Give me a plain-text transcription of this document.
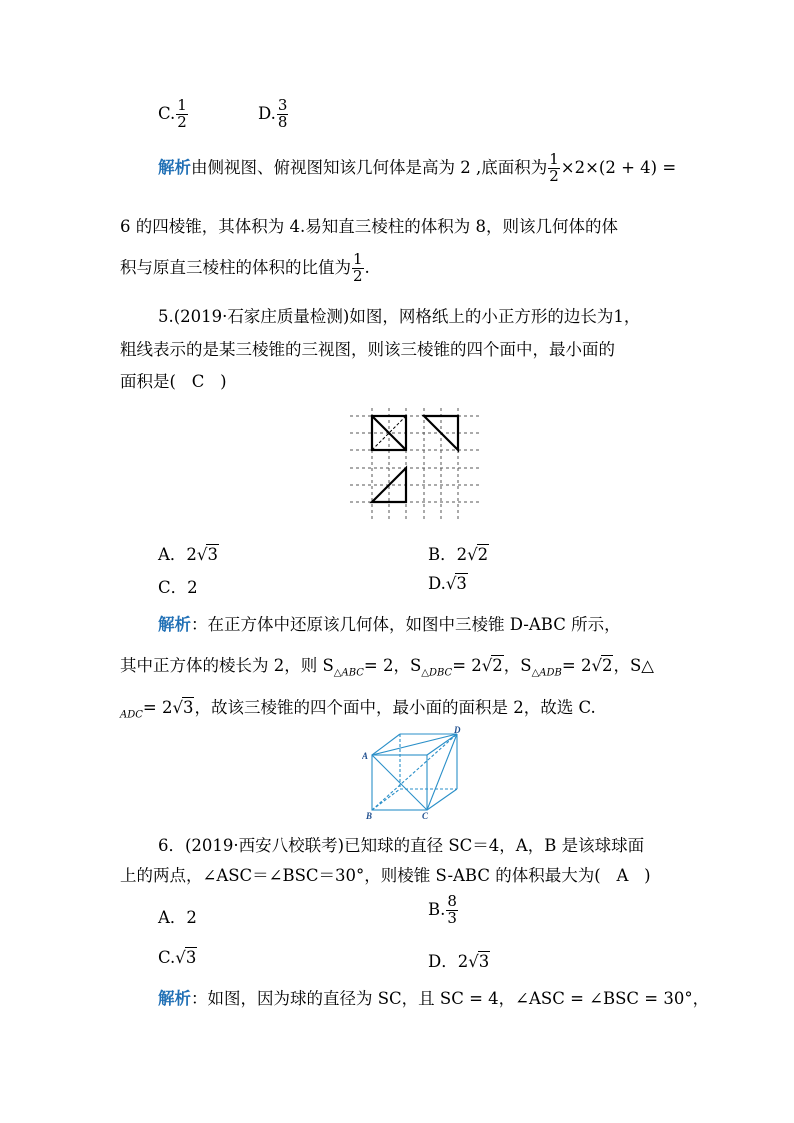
C. $\frac{1}{2}$	D. $\frac{3}{8}$
解析由侧视图、俯视图知该几何体是高为 2 ,底面积为 $\frac{1}{2} \times 2\times(2 + 4)$ =
6 的四棱锥，其体积为 4.易知直三棱柱的体积为 8，则该几何体的体
积与原直三棱柱的体积的比值为 $\frac{1}{2}$ .
5.(2019·石家庄质量检测)如图，网格纸上的小正方形的边长为1，
粗线表示的是某三棱锥的三视图，则该三棱锥的四个面中，最小面的
面积是( C )
A．2√3	B．2√2
C．2	D.√3
解析：在正方体中还原该几何体，如图中三棱锥 D-ABC 所示，
其中正方体的棱长为 2，则 $S_{\triangle ABC}= 2$，$S_{\triangle DBC}= 2√2$，$S_{\triangle ADB}= 2√2$，S△
$_{ADC}$= 2√3，故该三棱锥的四个面中，最小面的面积是 2，故选 C.
A
B	C
D
6．(2019·西安八校联考)已知球的直径 SC＝4，A，B 是该球球面
上的两点，∠ASC＝∠BSC＝30°，则棱锥 S-ABC 的体积最大为( A )
A．2	B. $\frac{8}{3}$
C.√3	D．2√3
解析：如图，因为球的直径为 SC，且 SC = 4，∠ASC = ∠BSC = 30°，
